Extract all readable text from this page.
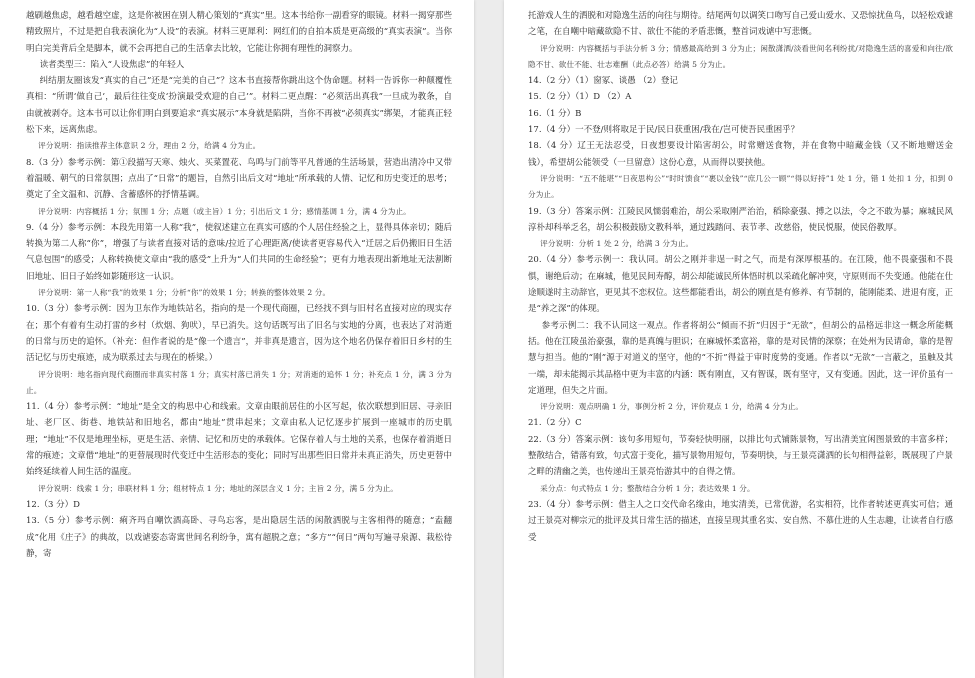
越刷越焦虑，越看越空虚，这是你被困在别人精心策划的“真实”里。这本书给你一副看穿的眼镜。材料一揭穿那些精致照片，不过是把自我表演化为“人设”的表演。材料三更犀利：网红们的自拍本质是更高级的“真实表演”。当你明白完美背后全是脚本，就不会再把自己的生活拿去比较，它能让你拥有理性的洞察力。

读者类型三：陷入“人设焦虑”的年轻人

纠结朋友圈该发“真实的自己”还是“完美的自己”？这本书直接帮你跳出这个伪命题。材料一告诉你一种颠覆性真相：“所谓‘做自己’，最后往往变成‘扮演最受欢迎的自己’”。材料二更点醒：“必须活出真我”一旦成为教条，自由就被剥夺。这本书可以让你们明白到要追求“真实展示”本身就是陷阱，当你不再被“必须真实”绑架，才能真正轻松下来，远离焦虑。

评分说明：指读推荐主体意识 2 分，理由 2 分，给满 4 分为止。

8.（3 分）参考示例：第①段描写天寒、烛火、买菜置花、鸟鸣与门前等平凡普通的生活场景，营造出清冷中又带着温暖、朝气的日常氛围；点出了“日常”的题旨，自然引出后文对“地址”所承载的人情、记忆和历史变迁的思考；奠定了全文温和、沉静、含蓄感怀的抒情基调。

评分说明：内容概括 1 分；氛围 1 分；点题（或主旨）1 分；引出后文 1 分；感情基调 1 分，满 4 分为止。

9.（4 分）参考示例：本段先用第一人称“我”，使叙述建立在真实可感的个人居住经验之上，显得具体亲切；随后转换为第二人称“你”，增强了与读者直接对话的意味/拉近了心理距离/使读者更容易代入“迁居之后仍搬旧日生活气息包围”的感受；人称转换使文章由“我的感受”上升为“人们共同的生命经验”；更有力地表现出新地址无法割断旧地址、旧日子始终如影随形这一认识。

评分说明：第一人称“我”的效果 1 分；分析“你”的效果 1 分；转换的整体效果 2 分。

10.（3 分）参考示例：因为卫东作为地铁站名，指向的是一个现代商圈，已经找不到与旧村名直接对应的现实存在；那个有着有生动打雷的乡村（炊烟、狗吠），早已消失。这句话既写出了旧名与实地的分离，也表达了对消逝的日常与历史的追怀。（补充：但作者说的是“像一个遗言”，并非真是遗言，因为这个地名仍保存着旧日乡村的生活记忆与历史痕迹，成为联系过去与现在的桥梁。）

评分说明：地名指向现代商圈而非真实村落 1 分；真实村落已消失 1 分；对消逝的追怀 1 分；补充点 1 分，满 3 分为止。

11.（4 分）参考示例：“地址”是全文的构思中心和线索。文章由眼前居住的小区写起，依次联想到旧居、寻亲旧址、老厂区、街巷、地铁站和旧地名，都由“地址”贯串起来；文章由私人记忆逐步扩展到一座城市的历史肌理；“地址”不仅是地理坐标，更是生活、亲情、记忆和历史的承载体。它保存着人与土地的关系，也保存着消逝日常的痕迹；文章借“地址”的更替展现时代变迁中生活形态的变化；同时写出那些旧日常并未真正消失，历史更替中始终延续着人间生活的温度。

评分说明：线索 1 分；串联材料 1 分；组材特点 1 分；地址的深层含义 1 分；主旨 2 分，满 5 分为止。

12.（3 分）D

13.（5 分）参考示例：痢齐玛自嘲饮酒高卧、寻鸟忘客，是出隐居生活的闲散洒脱与主客相得的随意；“盍翻成”化用《庄子》的典故，以戏谑姿态寄寓世间名利纷争，寓有超脱之意；“多方”“何日”两句写遍寻泉源、栽松待静，寄

托游戏人生的洒脱和对隐逸生活的向往与期待。结尾两句以调笑口吻写自己爱山爱水、又恐惊扰鱼鸟，以轻松戏谑之笔，在自嘲中暗藏欲隐不甘、欲仕不能的矛盾悲慨，整首词戏谑中写悲慨。

评分说明：内容概括与手法分析 3 分；情感最高给到 3 分为止；闲散潇洒/淡看世间名利纷扰/对隐逸生活的喜爱和向往/欲隐不甘、欲仕不能、壮志难酬（此点必答）给满 5 分为止。

14.（2 分）（1）窗冢、谈愚 （2）登记

15.（2 分）（1）D （2）A

16.（1 分）B

17.（4 分）一不登/则将取足于民/民日获重困/我在/岂可使吾民重困乎？

18.（4 分）辽王无法忍受，日夜想要设计陷害胡公，时常赠送食物，并在食物中暗藏金钱（又不断地赠送金钱），希望胡公能领受（一旦留意）这份心意，从而得以要挟他。

评分说明：“五不能堪”“日夜思构公”“时时馈食”“裹以金钱”“庶几公一顾”“得以好持”1 处 1 分，错 1 处扣 1 分，扣到 0 分为止。

19.（3 分）答案示例：江陵民风懦弱难治，胡公采取刚严治治，稻除豪强、搏之以法，令之不敢为暴；麻城民风淳朴却科举乏名，胡公积极鼓励文教科举，通过践踏问、表节孝、改慈俗，使民悦服，使民俗教厚。

评分说明：分析 1 处 2 分，给满 3 分为止。

20.（4 分）参考示例一：我认同。胡公之刚并非逞一时之气，而是有深厚根基的。在江陵，他不畏豪强和不畏惧，谢绝后动；在麻城，他见民间寿醇，胡公却能诚民所体悟时机以采疏化解冲突，守原则而不失变通。他能在仕途顺遂时主动辞官，更见其不恋权位。这些都能看出，胡公的刚直是有修养、有节制的，能刚能柔、进退有度，正是“养之深”的体现。

参考示例二：我不认同这一观点。作者将胡公“倾而不折”归因于“无欲”，但胡公的品格远非这一概念所能概括。他在江陵虽治豪强，靠的是真魄与胆识；在麻城怀柔富裕，靠的是对民情的深察；在处州为民请命，靠的是智慧与担当。他的“刚”源于对道义的坚守，他的“不折”得益于审时度势的变通。作者以“无欲”一言蔽之，虽触及其一端，却未能揭示其品格中更为丰富的内涵：既有刚直，又有智谋，既有坚守，又有变通。因此，这一评价虽有一定道理，但失之片面。

评分说明：观点明确 1 分，事例分析 2 分，评价观点 1 分，给满 4 分为止。

21.（2 分）C

22.（3 分）答案示例：该句多用短句，节奏轻快明丽，以排比句式铺陈景物，写出清美宜闲图景致的丰富多样；整散结合，错落有致，句式富于变化，描写景物用短句，节奏明快，与王景亮潇洒的长句相得益彰，既展现了户景之畔的清幽之美，也传递出王景亮怡游其中的自得之情。

采分点：句式特点 1 分；整散结合分析 1 分；表达效果 1 分。

23.（4 分）参考示例：借主人之口交代命名缘由，地实清美，已常优游，名实相符，比作者转述更真实可信；通过王景亮对柳宗元的批评及其日常生活的描述，直接呈现其重名实、安自然、不慕仕进的人生志趣，让读者自行感受
